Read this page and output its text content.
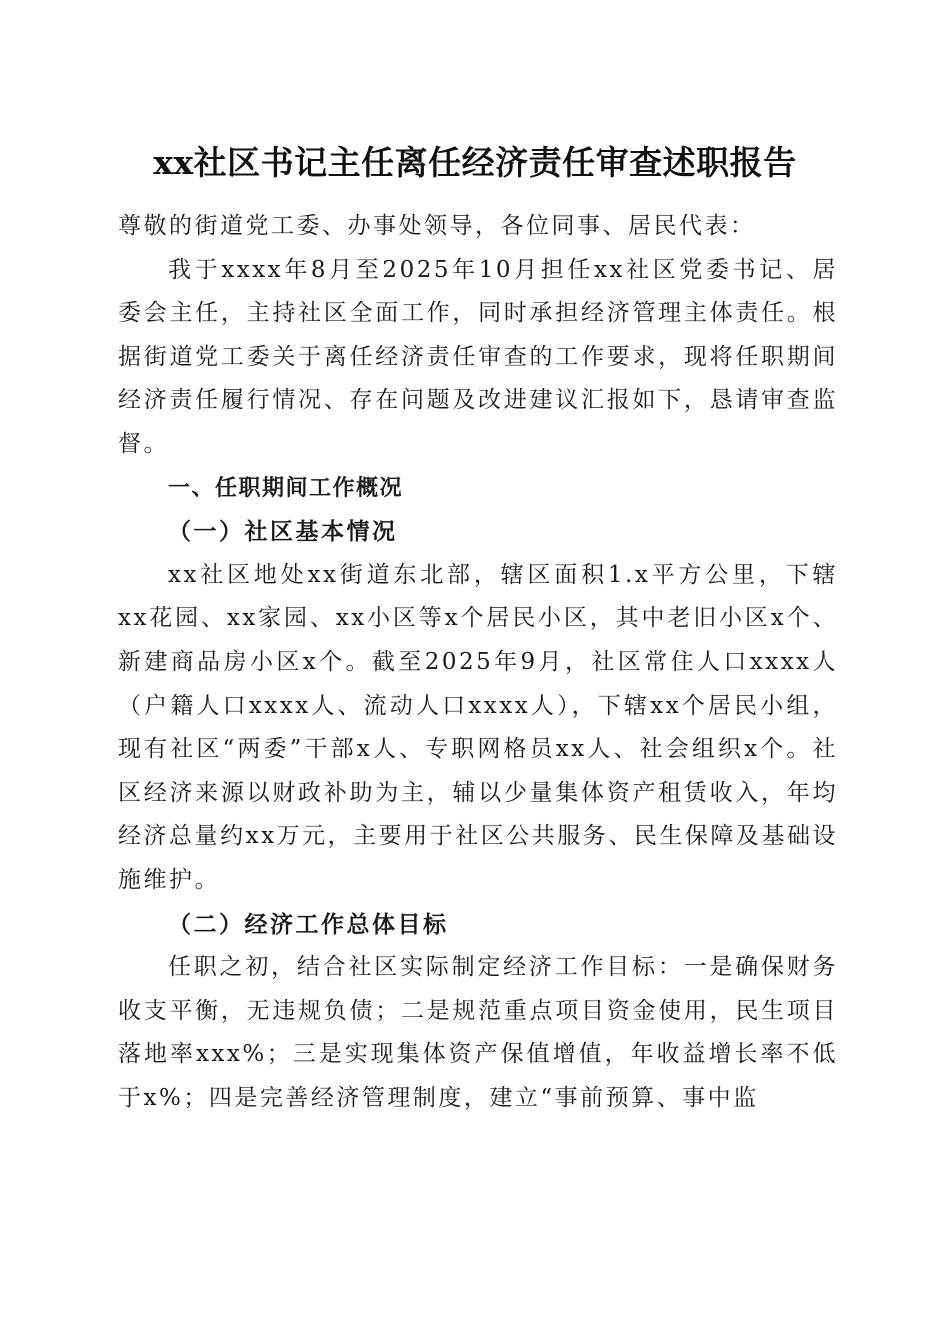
xx社区书记主任离任经济责任审查述职报告

尊敬的街道党工委、办事处领导，各位同事、居民代表：

我于xxxx年8月至2025年10月担任xx社区党委书记、居委会主任，主持社区全面工作，同时承担经济管理主体责任。根据街道党工委关于离任经济责任审查的工作要求，现将任职期间经济责任履行情况、存在问题及改进建议汇报如下，恳请审查监督。

一、任职期间工作概况

（一）社区基本情况

xx社区地处xx街道东北部，辖区面积1.x平方公里，下辖xx花园、xx家园、xx小区等x个居民小区，其中老旧小区x个、新建商品房小区x个。截至2025年9月，社区常住人口xxxx人（户籍人口xxxx人、流动人口xxxx人），下辖xx个居民小组，现有社区“两委”干部x人、专职网格员xx人、社会组织x个。社区经济来源以财政补助为主，辅以少量集体资产租赁收入，年均经济总量约xx万元，主要用于社区公共服务、民生保障及基础设施维护。

（二）经济工作总体目标

任职之初，结合社区实际制定经济工作目标：一是确保财务收支平衡，无违规负债；二是规范重点项目资金使用，民生项目落地率xxx%；三是实现集体资产保值增值，年收益增长率不低于x%；四是完善经济管理制度，建立“事前预算、事中监
